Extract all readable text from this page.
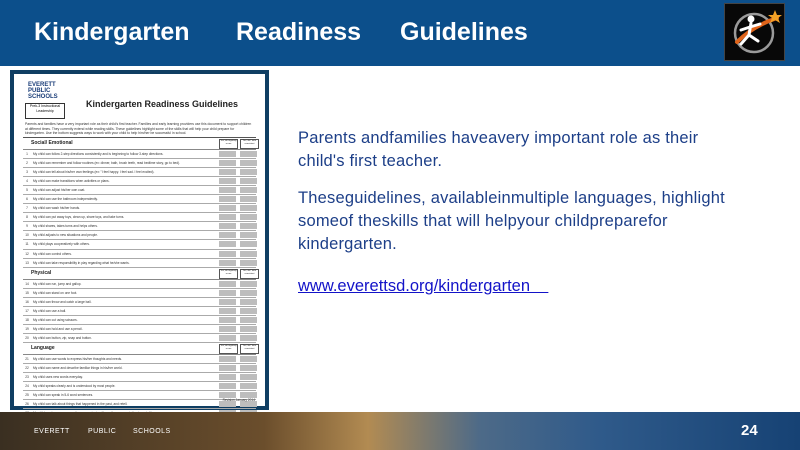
Kindergarten Readiness Guidelines
EVERETT
PUBLIC
SCHOOLS
Prek-3 Instructional Leadership
Kindergarten Readiness Guidelines
Parents and families have a very important role as their child's first teacher. Families and early learning providers use this document to support children at different times. They currently extend while reading skills. These guidelines highlight some of the skills that will help your child prepare for kindergarten. Use the bottom suggests ways to work with your child to help him/her be successful in school.
Social/ Emotional	Yes, do regularly or me
Yes, do I here consistent
1	My child can follow 2-step directions consistently and is beginning to follow 3-step directions.
2	My child can remember and follow routines (ex: dinner, bath, brush teeth, read bedtime story, go to bed).
3	My child can tell about his/her own feelings (ex: "I feel happy. I feel sad. I feel excited).
4	My child can make transitions when activities or plans.
5	My child can adjust his/her own coat.
6	My child can use the bathroom independently.
7	My child can wash his/her hands.
8	My child can put away toys, clean up, share toys, and take turns.
9	My child shares, takes turns and helps others.
10	My child adjusts to new situations and people.
11	My child plays cooperatively with others.
12	My child can control others.
13	My child can take responsibility in play regarding what he/she wants.
Physical	Yes, do regularly or me
Yes, do I here consistent
14	My child can run, jump and gallop.
15	My child can stand on one foot.
16	My child can throw and catch a large ball.
17	My child can use a ball.
18	My child can cut using scissors.
19	My child can hold and use a pencil.
20	My child can button, zip, snap and button.
Language	Yes, do regularly or me
Yes, do I here consistent
21	My child can use words to express his/her thoughts and needs.
22	My child can name and describe familiar things in his/her world.
23	My child uses new words everyday.
24	My child speaks clearly and is understood by most people.
25	My child can speak in 5-6 word sentences.
26	My child can talk about things that happened in the past, and retell.
Revision January 2014
Parents andfamilies haveavery important role as their child's first teacher.
Theseguidelines, availableinmultiple languages, highlight someof theskills that will helpyour childpreparefor kindergarten.
www.everettsd.org/kindergarten
EVERETT	PUBLIC SCHOOLS	24
